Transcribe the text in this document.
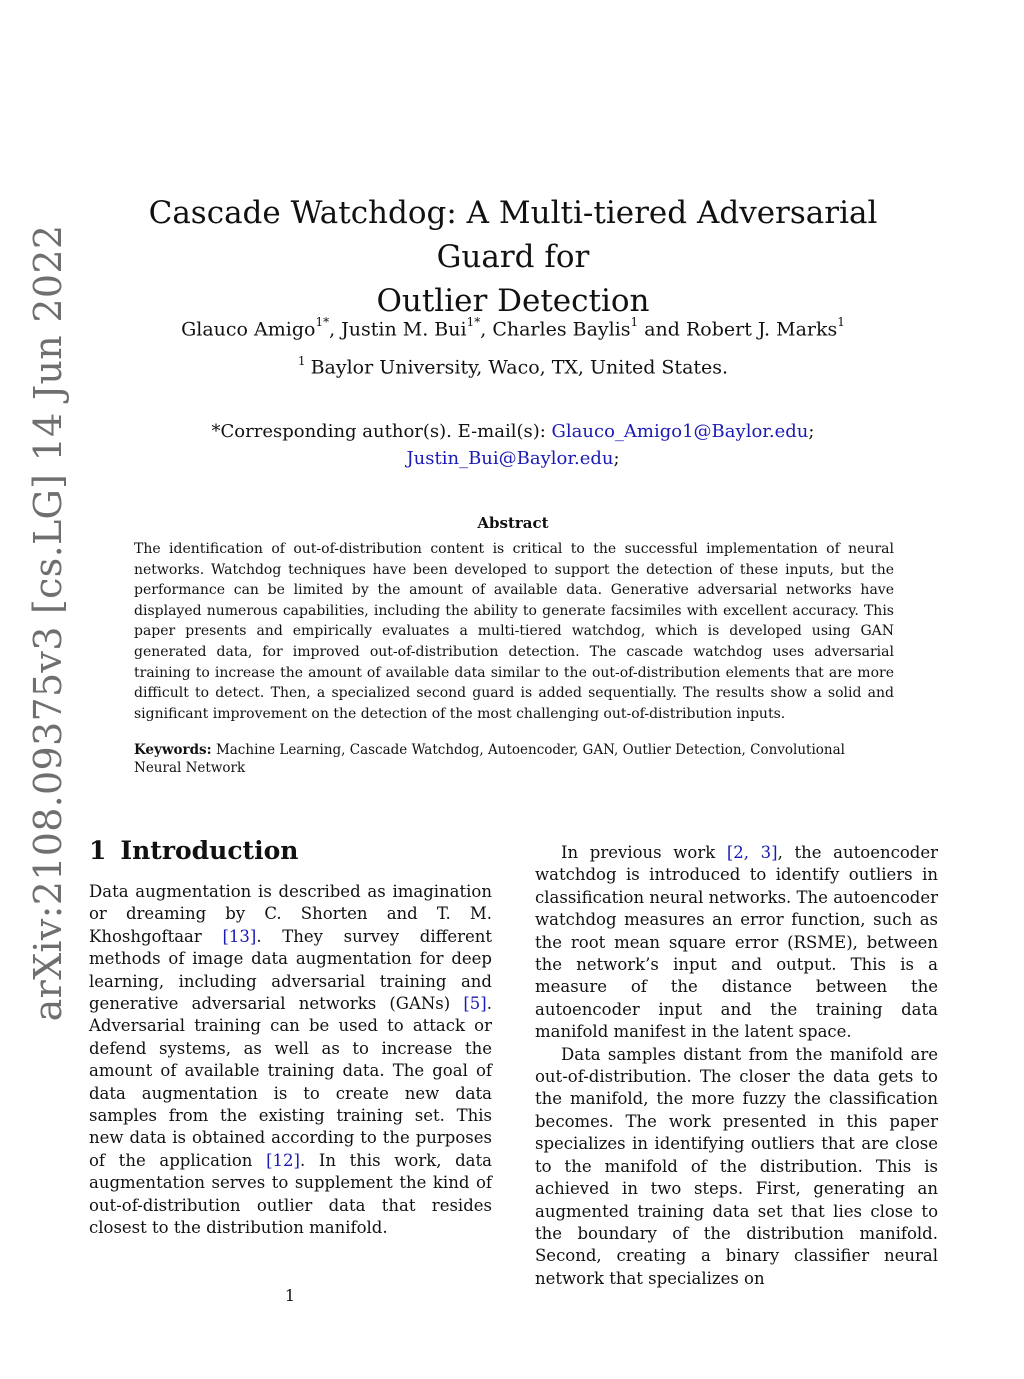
arXiv:2108.09375v3 [cs.LG] 14 Jun 2022
Cascade Watchdog: A Multi-tiered Adversarial Guard for
Outlier Detection
Glauco Amigo$^{1*}$, Justin M. Bui$^{1*}$, Charles Baylis$^1$ and Robert J. Marks$^1$
$^1$ Baylor University, Waco, TX, United States.
*Corresponding author(s). E-mail(s): Glauco_Amigo1@Baylor.edu;
Justin_Bui@Baylor.edu;
Abstract

The identification of out-of-distribution content is critical to the successful implementation of neural networks. Watchdog techniques have been developed to support the detection of these inputs, but the performance can be limited by the amount of available data. Generative adversarial networks have displayed numerous capabilities, including the ability to generate facsimiles with excellent accuracy. This paper presents and empirically evaluates a multi-tiered watchdog, which is developed using GAN generated data, for improved out-of-distribution detection. The cascade watchdog uses adversarial training to increase the amount of available data similar to the out-of-distribution elements that are more difficult to detect. Then, a specialized second guard is added sequentially. The results show a solid and significant improvement on the detection of the most challenging out-of-distribution inputs.

Keywords: Machine Learning, Cascade Watchdog, Autoencoder, GAN, Outlier Detection, Convolutional Neural Network
1 Introduction

Data augmentation is described as imagination or dreaming by C. Shorten and T. M. Khoshgoftaar [13]. They survey different methods of image data augmentation for deep learning, including adversarial training and generative adversarial networks (GANs) [5]. Adversarial training can be used to attack or defend systems, as well as to increase the amount of available training data. The goal of data augmentation is to create new data samples from the existing training set. This new data is obtained according to the purposes of the application [12]. In this work, data augmentation serves to supplement the kind of out-of-distribution outlier data that resides closest to the distribution manifold.

In previous work [2, 3], the autoencoder watchdog is introduced to identify outliers in classification neural networks. The autoencoder watchdog measures an error function, such as the root mean square error (RSME), between the network’s input and output. This is a measure of the distance between the autoencoder input and the training data manifold manifest in the latent space.

Data samples distant from the manifold are out-of-distribution. The closer the data gets to the manifold, the more fuzzy the classification becomes. The work presented in this paper specializes in identifying outliers that are close to the manifold of the distribution. This is achieved in two steps. First, generating an augmented training data set that lies close to the boundary of the distribution manifold. Second, creating a binary classifier neural network that specializes on

1
